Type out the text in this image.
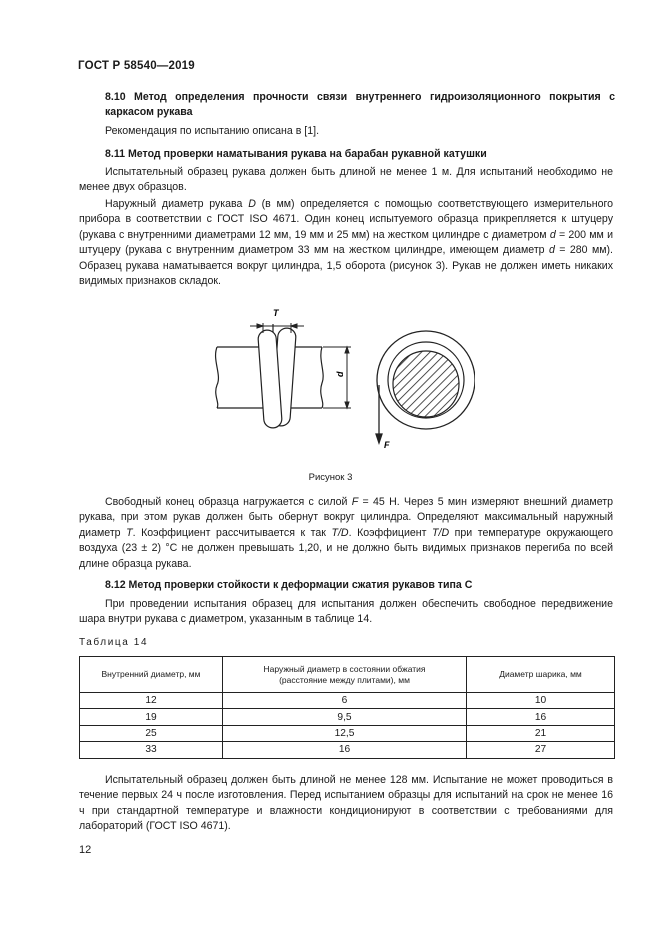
ГОСТ Р 58540—2019

8.10 Метод определения прочности связи внутреннего гидроизоляционного покрытия с каркасом рукава

Рекомендация по испытанию описана в [1].

8.11 Метод проверки наматывания рукава на барабан рукавной катушки

Испытательный образец рукава должен быть длиной не менее 1 м. Для испытаний необходимо не менее двух образцов.

Наружный диаметр рукава D (в мм) определяется с помощью соответствующего измерительного прибора в соответствии с ГОСТ ISO 4671. Один конец испытуемого образца прикрепляется к штуцеру (рукава с внутренними диаметрами 12 мм, 19 мм и 25 мм) на жестком цилиндре с диаметром d = 200 мм и штуцеру (рукава с внутренним диаметром 33 мм на жестком цилиндре, имеющем диаметр d = 280 мм). Образец рукава наматывается вокруг цилиндра, 1,5 оборота (рисунок 3). Рукав не должен иметь никаких видимых признаков складок.

T
d
F
Рисунок 3

Свободный конец образца нагружается с силой F = 45 Н. Через 5 мин измеряют внешний диаметр рукава, при этом рукав должен быть обернут вокруг цилиндра. Определяют максимальный наружный диаметр T. Коэффициент рассчитывается к так T/D. Коэффициент T/D при температуре окружающего воздуха (23 ± 2) °С не должен превышать 1,20, и не должно быть видимых признаков перегиба по всей длине образца рукава.

8.12 Метод проверки стойкости к деформации сжатия рукавов типа С

При проведении испытания образец для испытания должен обеспечить свободное передвижение шара внутри рукава с диаметром, указанным в таблице 14.

Таблица 14
Внутренний диаметр, мм	Наружный диаметр в состоянии обжатия (расстояние между плитами), мм	Диаметр шарика, мм
12	6	10
19	9,5	16
25	12,5	21
33	16	27

Испытательный образец должен быть длиной не менее 128 мм. Испытание не может проводиться в течение первых 24 ч после изготовления. Перед испытанием образцы для испытаний на срок не менее 16 ч при стандартной температуре и влажности кондиционируют в соответствии с требованиями для лабораторий (ГОСТ ISO 4671).

12
